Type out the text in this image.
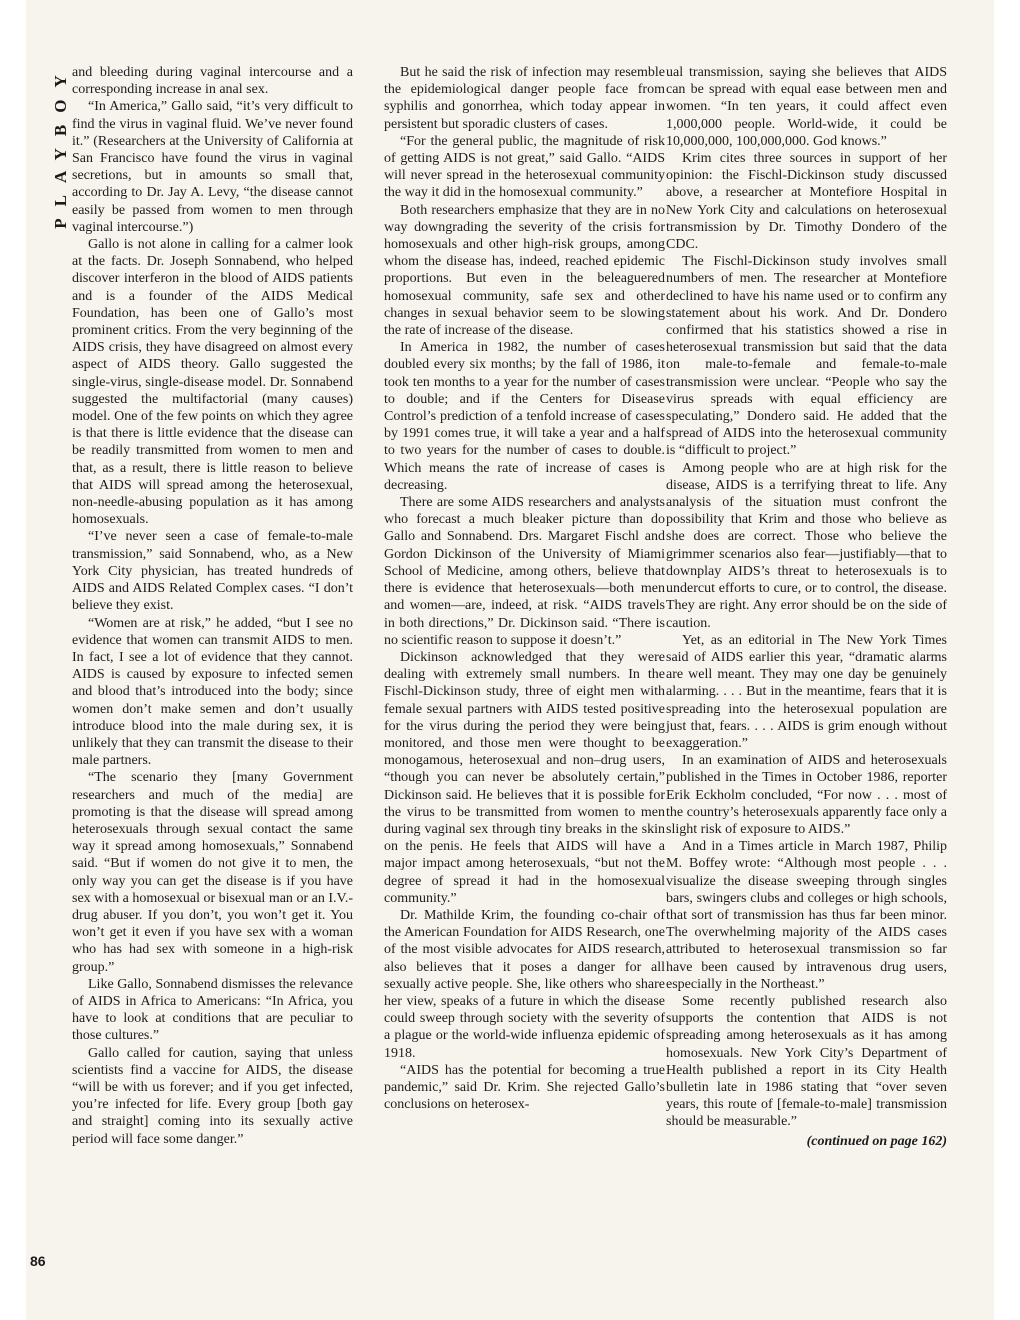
PLAYBOY and bleeding during vaginal intercourse and a corresponding increase in anal sex.

“In America,” Gallo said, “it’s very difficult to find the virus in vaginal fluid. We’ve never found it.” (Researchers at the University of California at San Francisco have found the virus in vaginal secretions, but in amounts so small that, according to Dr. Jay A. Levy, “the disease cannot easily be passed from women to men through vaginal intercourse.”)

Gallo is not alone in calling for a calmer look at the facts. Dr. Joseph Sonnabend, who helped discover interferon in the blood of AIDS patients and is a founder of the AIDS Medical Foundation, has been one of Gallo’s most prominent critics. From the very beginning of the AIDS crisis, they have disagreed on almost every aspect of AIDS theory. Gallo suggested the single-virus, single-disease model. Dr. Sonnabend suggested the multifactorial (many causes) model. One of the few points on which they agree is that there is little evidence that the disease can be readily transmitted from women to men and that, as a result, there is little reason to believe that AIDS will spread among the heterosexual, non-needle-abusing population as it has among homosexuals.

“I’ve never seen a case of female-to-male transmission,” said Sonnabend, who, as a New York City physician, has treated hundreds of AIDS and AIDS Related Complex cases. “I don’t believe they exist.

“Women are at risk,” he added, “but I see no evidence that women can transmit AIDS to men. In fact, I see a lot of evidence that they cannot. AIDS is caused by exposure to infected semen and blood that’s introduced into the body; since women don’t make semen and don’t usually introduce blood into the male during sex, it is unlikely that they can transmit the disease to their male partners.

“The scenario they [many Government researchers and much of the media] are promoting is that the disease will spread among heterosexuals through sexual contact the same way it spread among homosexuals,” Sonnabend said. “But if women do not give it to men, the only way you can get the disease is if you have sex with a homosexual or bisexual man or an I.V.-drug abuser. If you don’t, you won’t get it. You won’t get it even if you have sex with a woman who has had sex with someone in a high-risk group.”

Like Gallo, Sonnabend dismisses the relevance of AIDS in Africa to Americans: “In Africa, you have to look at conditions that are peculiar to those cultures.”

Gallo called for caution, saying that unless scientists find a vaccine for AIDS, the disease “will be with us forever; and if you get infected, you’re infected for life. Every group [both gay and straight] coming into its sexually active period will face some danger.”

But he said the risk of infection may resemble the epidemiological danger people face from syphilis and gonorrhea, which today appear in persistent but sporadic clusters of cases.

“For the general public, the magnitude of risk of getting AIDS is not great,” said Gallo. “AIDS will never spread in the heterosexual community the way it did in the homosexual community.”

Both researchers emphasize that they are in no way downgrading the severity of the crisis for homosexuals and other high-risk groups, among whom the disease has, indeed, reached epidemic proportions. But even in the beleaguered homosexual community, safe sex and other changes in sexual behavior seem to be slowing the rate of increase of the disease.

In America in 1982, the number of cases doubled every six months; by the fall of 1986, it took ten months to a year for the number of cases to double; and if the Centers for Disease Control’s prediction of a tenfold increase of cases by 1991 comes true, it will take a year and a half to two years for the number of cases to double. Which means the rate of increase of cases is decreasing.

There are some AIDS researchers and analysts who forecast a much bleaker picture than do Gallo and Sonnabend. Drs. Margaret Fischl and Gordon Dickinson of the University of Miami School of Medicine, among others, believe that there is evidence that heterosexuals—both men and women—are, indeed, at risk. “AIDS travels in both directions,” Dr. Dickinson said. “There is no scientific reason to suppose it doesn’t.”

Dickinson acknowledged that they were dealing with extremely small numbers. In the Fischl-Dickinson study, three of eight men with female sexual partners with AIDS tested positive for the virus during the period they were being monitored, and those men were thought to be monogamous, heterosexual and non–drug users, “though you can never be absolutely certain,” Dickinson said. He believes that it is possible for the virus to be transmitted from women to men during vaginal sex through tiny breaks in the skin on the penis. He feels that AIDS will have a major impact among heterosexuals, “but not the degree of spread it had in the homosexual community.”

Dr. Mathilde Krim, the founding co-chair of the American Foundation for AIDS Research, one of the most visible advocates for AIDS research, also believes that it poses a danger for all sexually active people. She, like others who share her view, speaks of a future in which the disease could sweep through society with the severity of a plague or the world-wide influenza epidemic of 1918.

“AIDS has the potential for becoming a true pandemic,” said Dr. Krim. She rejected Gallo’s conclusions on heterosex-

ual transmission, saying she believes that AIDS can be spread with equal ease between men and women. “In ten years, it could affect even 1,000,000 people. World-wide, it could be 10,000,000, 100,000,000. God knows.”

Krim cites three sources in support of her opinion: the Fischl-Dickinson study discussed above, a researcher at Montefiore Hospital in New York City and calculations on heterosexual transmission by Dr. Timothy Dondero of the CDC.

The Fischl-Dickinson study involves small numbers of men. The researcher at Montefiore declined to have his name used or to confirm any statement about his work. And Dr. Dondero confirmed that his statistics showed a rise in heterosexual transmission but said that the data on male-to-female and female-to-male transmission were unclear. “People who say the virus spreads with equal efficiency are speculating,” Dondero said. He added that the spread of AIDS into the heterosexual community is “difficult to project.”

Among people who are at high risk for the disease, AIDS is a terrifying threat to life. Any analysis of the situation must confront the possibility that Krim and those who believe as she does are correct. Those who believe the grimmer scenarios also fear—justifiably—that to downplay AIDS’s threat to heterosexuals is to undercut efforts to cure, or to control, the disease. They are right. Any error should be on the side of caution.

Yet, as an editorial in The New York Times said of AIDS earlier this year, “dramatic alarms are well meant. They may one day be genuinely alarming. . . . But in the meantime, fears that it is spreading into the heterosexual population are just that, fears. . . . AIDS is grim enough without exaggeration.”

In an examination of AIDS and heterosexuals published in the Times in October 1986, reporter Erik Eckholm concluded, “For now . . . most of the country’s heterosexuals apparently face only a slight risk of exposure to AIDS.”

And in a Times article in March 1987, Philip M. Boffey wrote: “Although most people . . . visualize the disease sweeping through singles bars, swingers clubs and colleges or high schools, that sort of transmission has thus far been minor. The overwhelming majority of the AIDS cases attributed to heterosexual transmission so far have been caused by intravenous drug users, especially in the Northeast.”

Some recently published research also supports the contention that AIDS is not spreading among heterosexuals as it has among homosexuals. New York City’s Department of Health published a report in its City Health bulletin late in 1986 stating that “over seven years, this route of [female-to-male] transmission should be measurable.”

(continued on page 162)
86
